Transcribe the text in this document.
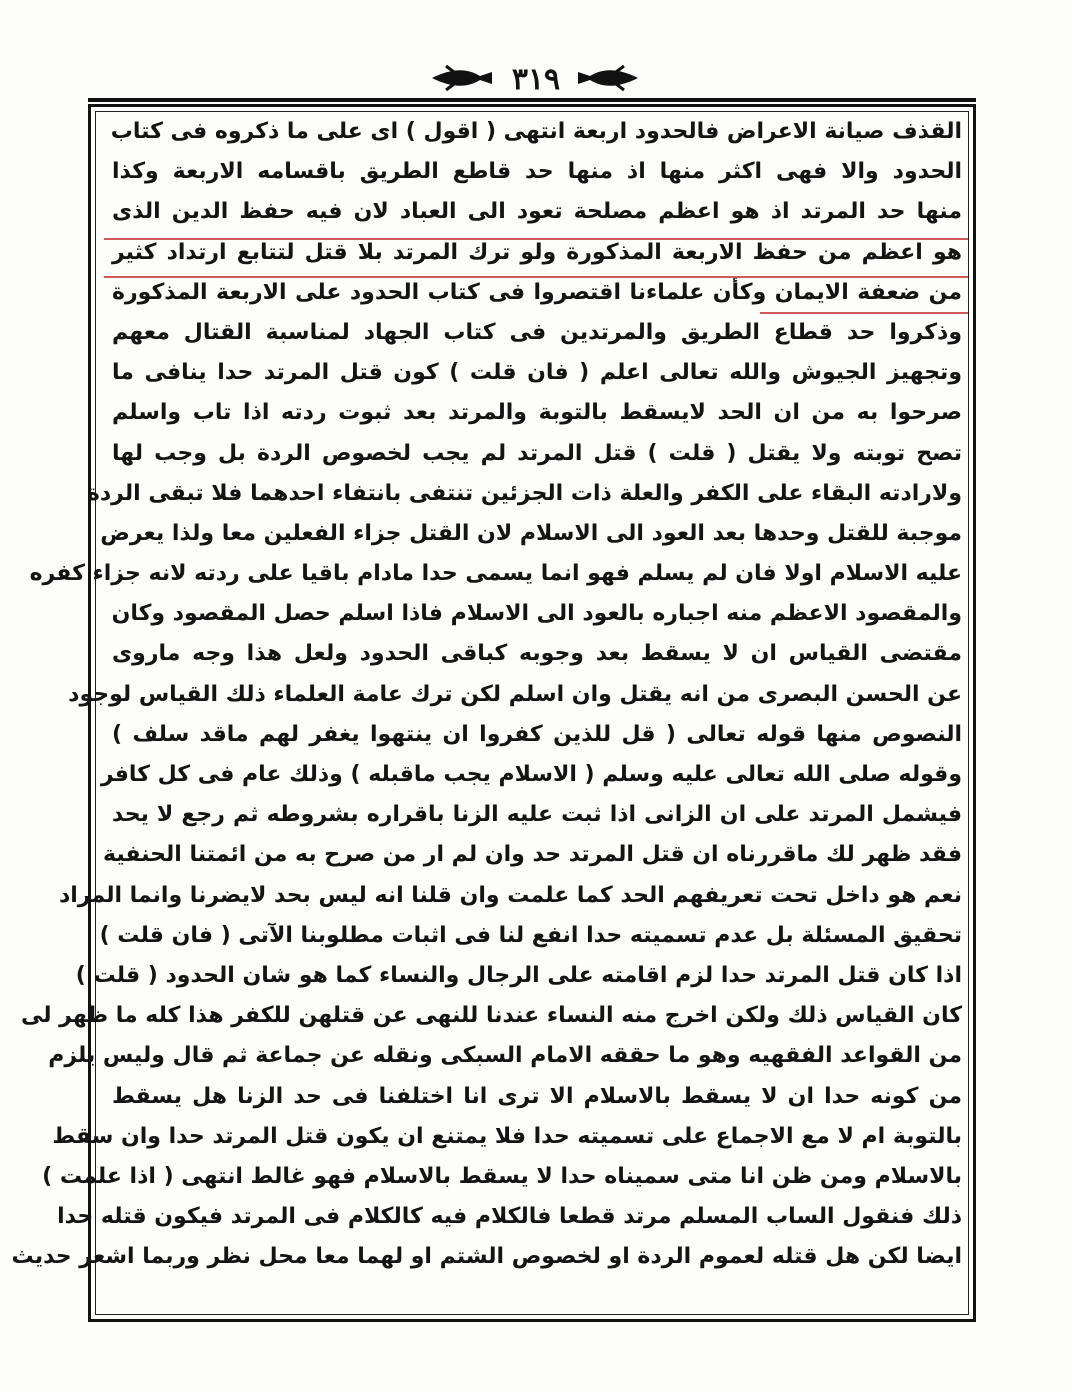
٣١٩
القذف صيانة الاعراض فالحدود اربعة انتهى ( اقول ) اى على ما ذكروه فى كتاب
الحدود والا فهى اكثر منها اذ منها حد قاطع الطريق باقسامه الاربعة وكذا
منها حد المرتد اذ هو اعظم مصلحة تعود الى العباد لان فيه حفظ الدين الذى
هو اعظم من حفظ الاربعة المذكورة ولو ترك المرتد بلا قتل لتتابع ارتداد كثير
من ضعفة الايمان وكأن علماءنا اقتصروا فى كتاب الحدود على الاربعة المذكورة
وذكروا حد قطاع الطريق والمرتدين فى كتاب الجهاد لمناسبة القتال معهم
وتجهيز الجيوش والله تعالى اعلم ( فان قلت ) كون قتل المرتد حدا ينافى ما
صرحوا به من ان الحد لايسقط بالتوبة والمرتد بعد ثبوت ردته اذا تاب واسلم
تصح توبته ولا يقتل ( قلت ) قتل المرتد لم يجب لخصوص الردة بل وجب لها
ولارادته البقاء على الكفر والعلة ذات الجزئين تنتفى بانتفاء احدهما فلا تبقى الردة
موجبة للقتل وحدها بعد العود الى الاسلام لان القتل جزاء الفعلين معا ولذا يعرض
عليه الاسلام اولا فان لم يسلم فهو انما يسمى حدا مادام باقيا على ردته لانه جزاء كفره
والمقصود الاعظم منه اجباره بالعود الى الاسلام فاذا اسلم حصل المقصود وكان
مقتضى القياس ان لا يسقط بعد وجوبه كباقى الحدود ولعل هذا وجه ماروى
عن الحسن البصرى من انه يقتل وان اسلم لكن ترك عامة العلماء ذلك القياس لوجود
النصوص منها قوله تعالى ( قل للذين كفروا ان ينتهوا يغفر لهم ماقد سلف )
وقوله صلى الله تعالى عليه وسلم ( الاسلام يجب ماقبله ) وذلك عام فى كل كافر
فيشمل المرتد على ان الزانى اذا ثبت عليه الزنا باقراره بشروطه ثم رجع لا يحد
فقد ظهر لك ماقررناه ان قتل المرتد حد وان لم ار من صرح به من ائمتنا الحنفية
نعم هو داخل تحت تعريفهم الحد كما علمت وان قلنا انه ليس بحد لايضرنا وانما المراد
تحقيق المسئلة بل عدم تسميته حدا انفع لنا فى اثبات مطلوبنا الآتى ( فان قلت )
اذا كان قتل المرتد حدا لزم اقامته على الرجال والنساء كما هو شان الحدود ( قلت )
كان القياس ذلك ولكن اخرج منه النساء عندنا للنهى عن قتلهن للكفر هذا كله ما ظهر لى
من القواعد الفقهيه وهو ما حققه الامام السبكى ونقله عن جماعة ثم قال وليس يلزم
من كونه حدا ان لا يسقط بالاسلام الا ترى انا اختلفنا فى حد الزنا هل يسقط
بالتوبة ام لا مع الاجماع على تسميته حدا فلا يمتنع ان يكون قتل المرتد حدا وان سقط
بالاسلام ومن ظن انا متى سميناه حدا لا يسقط بالاسلام فهو غالط انتهى ( اذا علمت )
ذلك فنقول الساب المسلم مرتد قطعا فالكلام فيه كالكلام فى المرتد فيكون قتله حدا
ايضا لكن هل قتله لعموم الردة او لخصوص الشتم او لهما معا محل نظر وربما اشعر حديث
